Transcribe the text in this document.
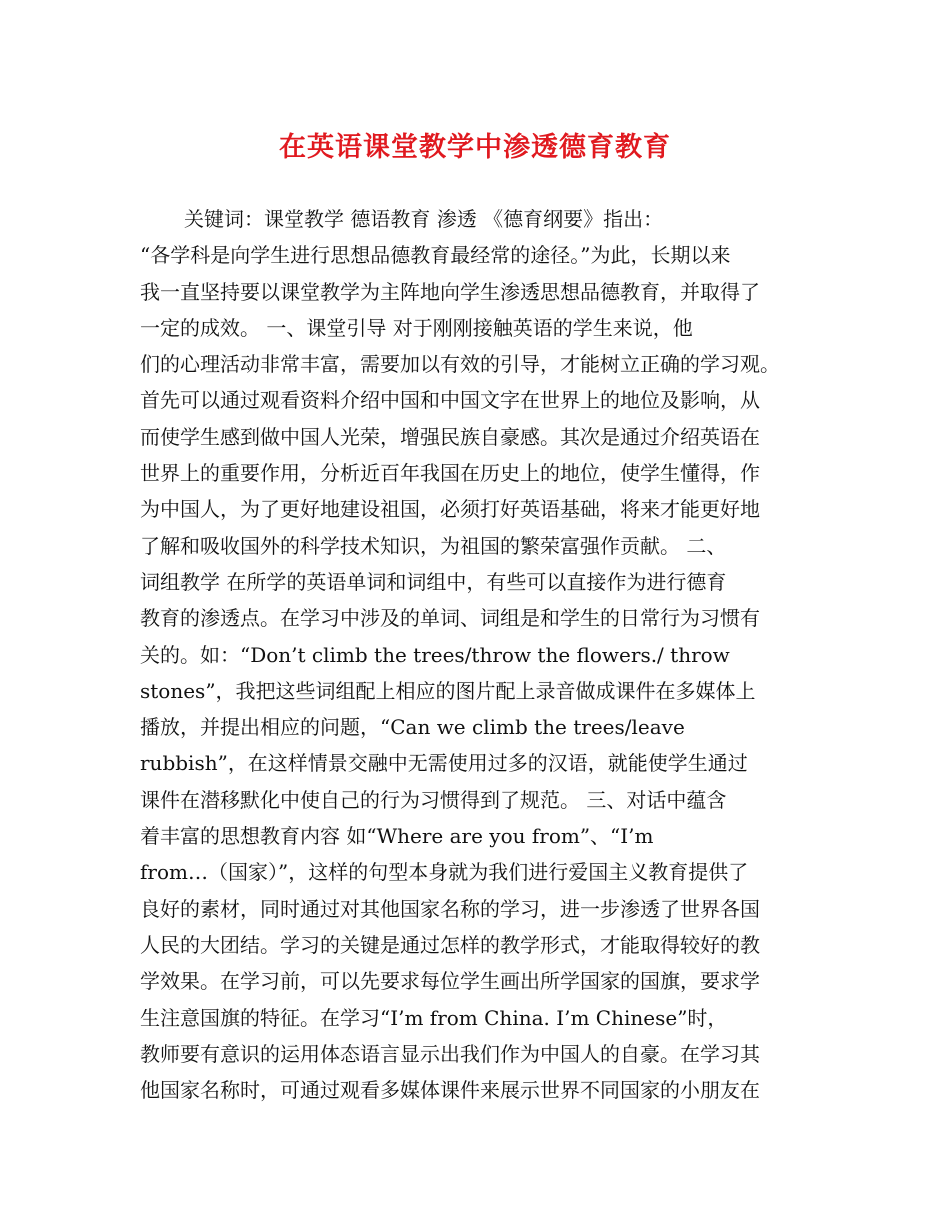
在英语课堂教学中渗透德育教育
关键词：课堂教学 德语教育 渗透 《德育纲要》指出：
“各学科是向学生进行思想品德教育最经常的途径。”为此，长期以来
我一直坚持要以课堂教学为主阵地向学生渗透思想品德教育，并取得了
一定的成效。 一、课堂引导 对于刚刚接触英语的学生来说，他
们的心理活动非常丰富，需要加以有效的引导，才能树立正确的学习观。
首先可以通过观看资料介绍中国和中国文字在世界上的地位及影响，从
而使学生感到做中国人光荣，增强民族自豪感。其次是通过介绍英语在
世界上的重要作用，分析近百年我国在历史上的地位，使学生懂得，作
为中国人，为了更好地建设祖国，必须打好英语基础，将来才能更好地
了解和吸收国外的科学技术知识，为祖国的繁荣富强作贡献。 二、
词组教学 在所学的英语单词和词组中，有些可以直接作为进行德育
教育的渗透点。在学习中涉及的单词、词组是和学生的日常行为习惯有
关的。如：“Don’t climb the trees/throw the flowers./ throw
stones”，我把这些词组配上相应的图片配上录音做成课件在多媒体上
播放，并提出相应的问题，“Can we climb the trees/leave
rubbish”，在这样情景交融中无需使用过多的汉语，就能使学生通过
课件在潜移默化中使自己的行为习惯得到了规范。 三、对话中蕴含
着丰富的思想教育内容 如“Where are you from”、“I’m
from…（国家）”，这样的句型本身就为我们进行爱国主义教育提供了
良好的素材，同时通过对其他国家名称的学习，进一步渗透了世界各国
人民的大团结。学习的关键是通过怎样的教学形式，才能取得较好的教
学效果。在学习前，可以先要求每位学生画出所学国家的国旗，要求学
生注意国旗的特征。在学习“I’m from China. I’m Chinese”时，
教师要有意识的运用体态语言显示出我们作为中国人的自豪。在学习其
他国家名称时，可通过观看多媒体课件来展示世界不同国家的小朋友在
